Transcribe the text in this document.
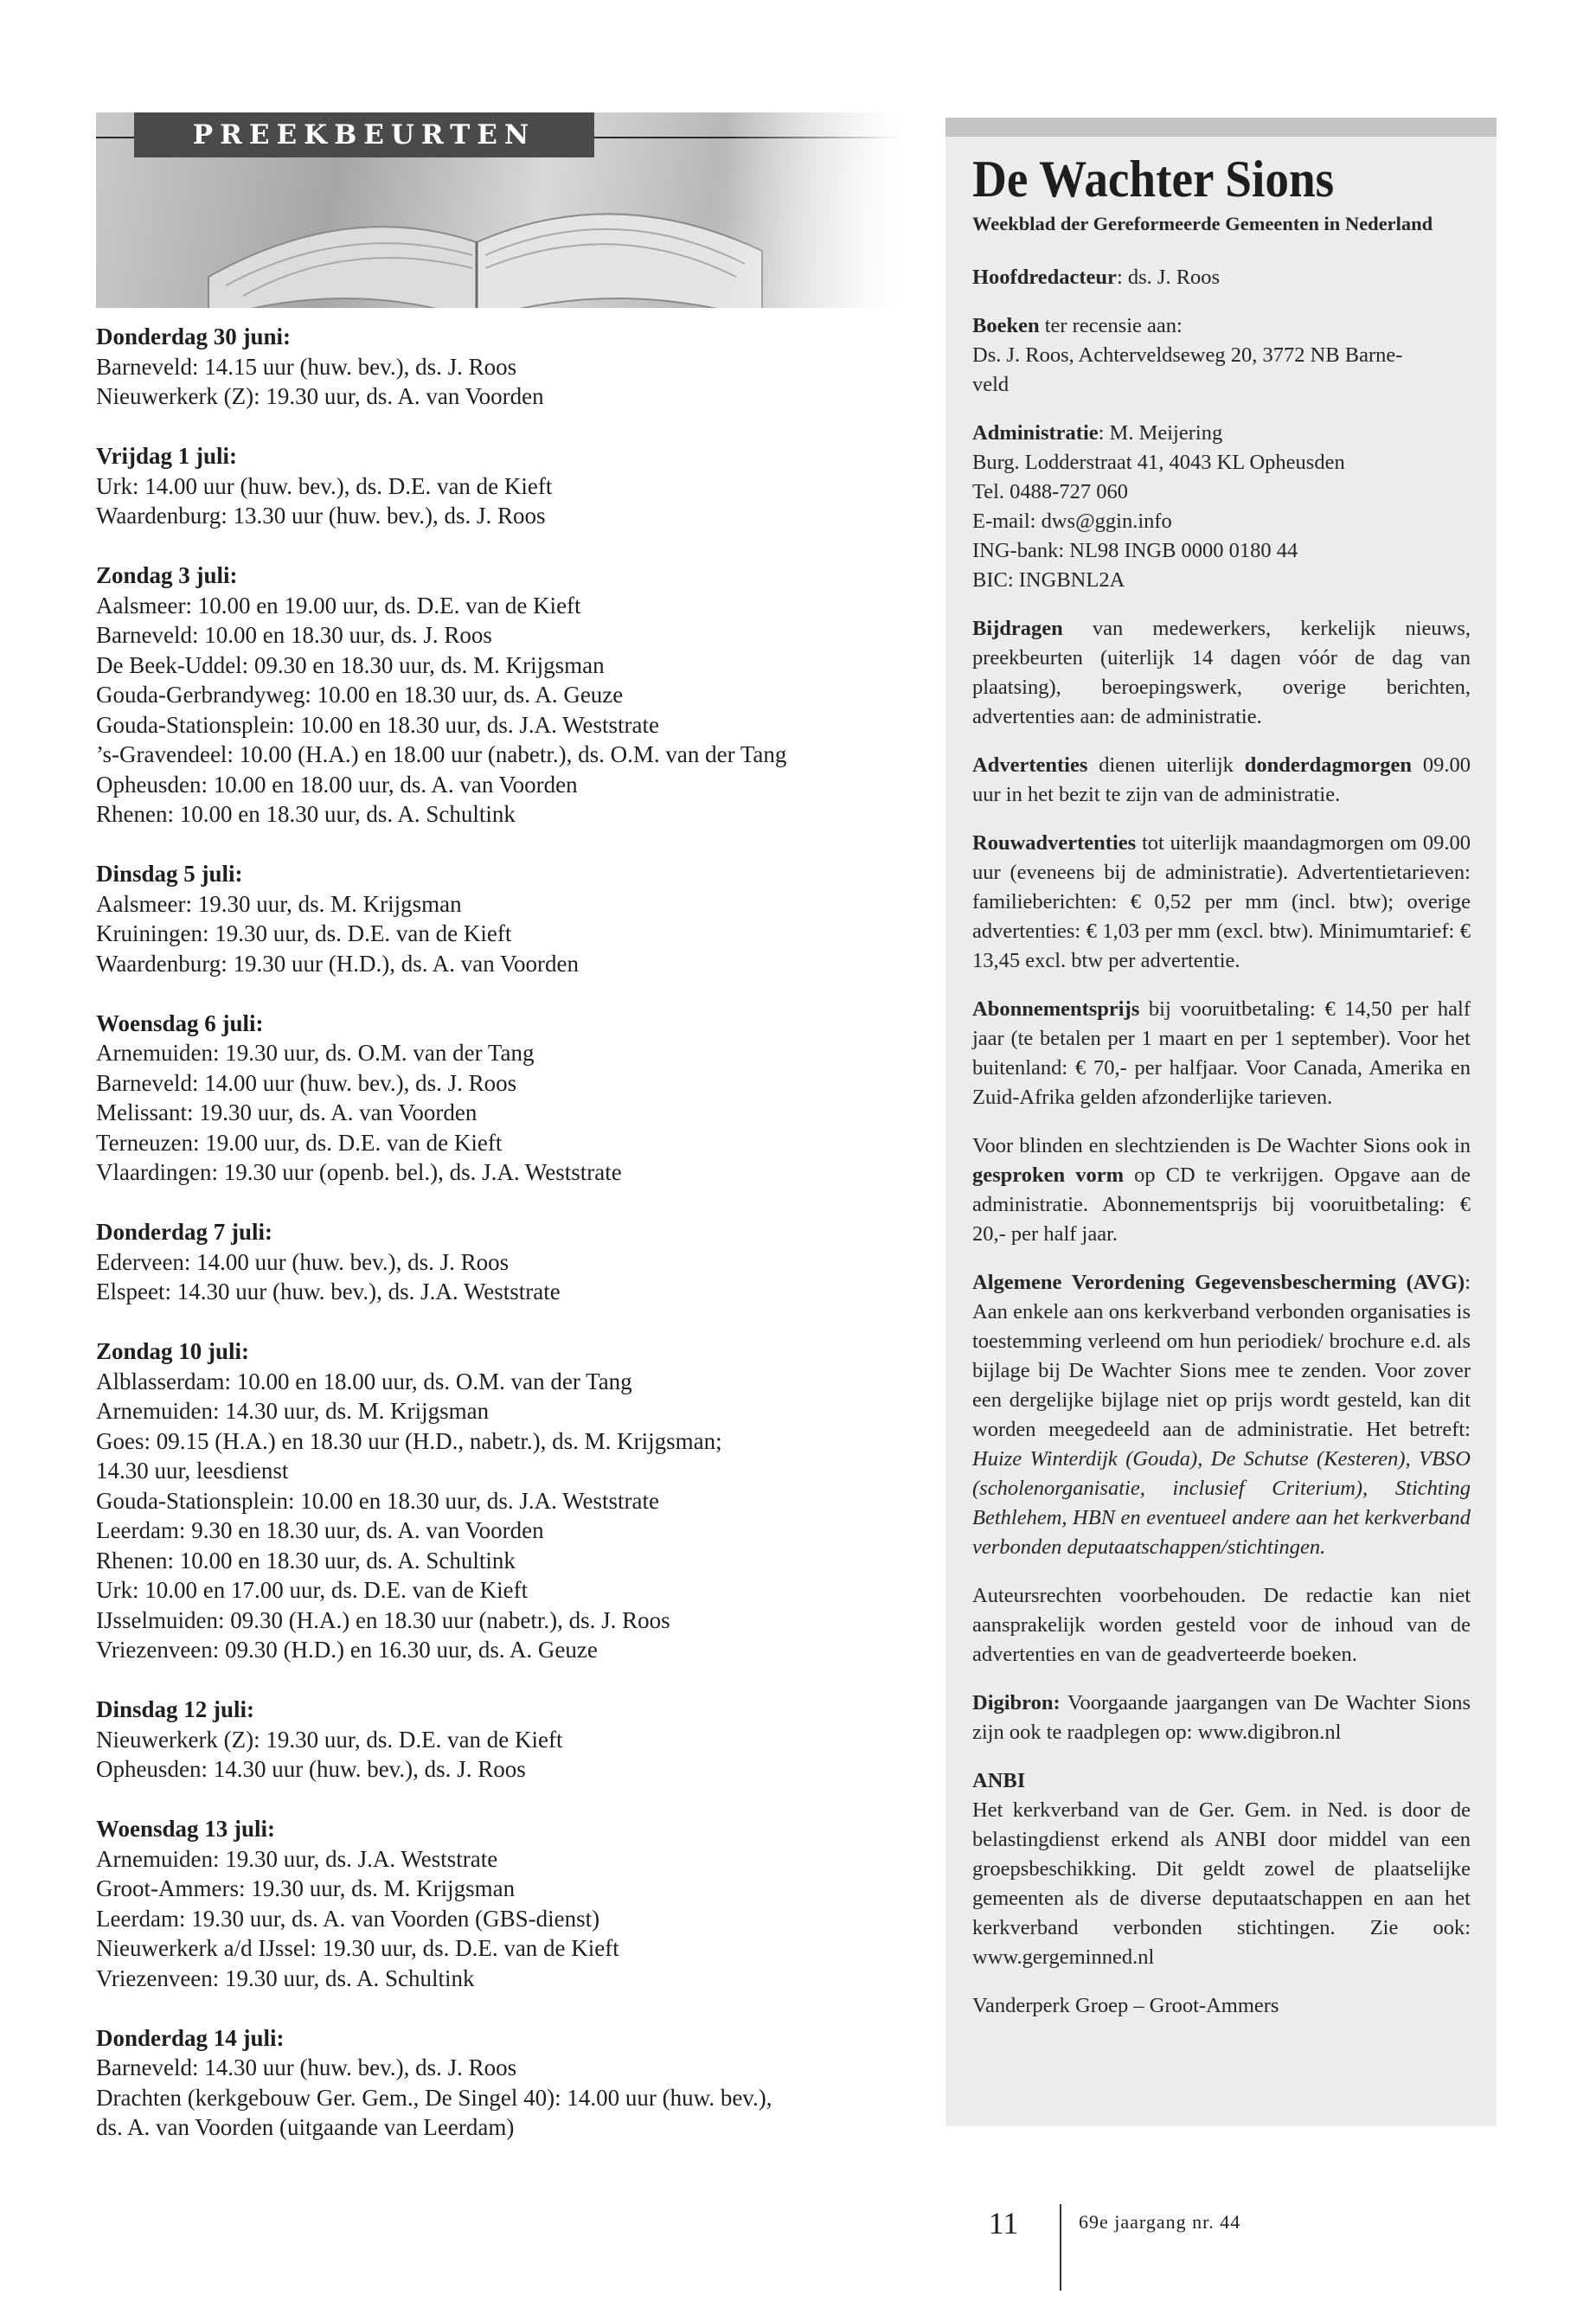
PREEKBEURTEN
Donderdag 30 juni:
Barneveld: 14.15 uur (huw. bev.), ds. J. Roos
Nieuwerkerk (Z): 19.30 uur, ds. A. van Voorden
Vrijdag 1 juli:
Urk: 14.00 uur (huw. bev.), ds. D.E. van de Kieft
Waardenburg: 13.30 uur (huw. bev.), ds. J. Roos
Zondag 3 juli:
Aalsmeer: 10.00 en 19.00 uur, ds. D.E. van de Kieft
Barneveld: 10.00 en 18.30 uur, ds. J. Roos
De Beek-Uddel: 09.30 en 18.30 uur, ds. M. Krijgsman
Gouda-Gerbrandyweg: 10.00 en 18.30 uur, ds. A. Geuze
Gouda-Stationsplein: 10.00 en 18.30 uur, ds. J.A. Weststrate
’s-Gravendeel: 10.00 (H.A.) en 18.00 uur (nabetr.), ds. O.M. van der Tang
Opheusden: 10.00 en 18.00 uur, ds. A. van Voorden
Rhenen: 10.00 en 18.30 uur, ds. A. Schultink
Dinsdag 5 juli:
Aalsmeer: 19.30 uur, ds. M. Krijgsman
Kruiningen: 19.30 uur, ds. D.E. van de Kieft
Waardenburg: 19.30 uur (H.D.), ds. A. van Voorden
Woensdag 6 juli:
Arnemuiden: 19.30 uur, ds. O.M. van der Tang
Barneveld: 14.00 uur (huw. bev.), ds. J. Roos
Melissant: 19.30 uur, ds. A. van Voorden
Terneuzen: 19.00 uur, ds. D.E. van de Kieft
Vlaardingen: 19.30 uur (openb. bel.), ds. J.A. Weststrate
Donderdag 7 juli:
Ederveen: 14.00 uur (huw. bev.), ds. J. Roos
Elspeet: 14.30 uur (huw. bev.), ds. J.A. Weststrate
Zondag 10 juli:
Alblasserdam: 10.00 en 18.00 uur, ds. O.M. van der Tang
Arnemuiden: 14.30 uur, ds. M. Krijgsman
Goes: 09.15 (H.A.) en 18.30 uur (H.D., nabetr.), ds. M. Krijgsman;
14.30 uur, leesdienst
Gouda-Stationsplein: 10.00 en 18.30 uur, ds. J.A. Weststrate
Leerdam: 9.30 en 18.30 uur, ds. A. van Voorden
Rhenen: 10.00 en 18.30 uur, ds. A. Schultink
Urk: 10.00 en 17.00 uur, ds. D.E. van de Kieft
IJsselmuiden: 09.30 (H.A.) en 18.30 uur (nabetr.), ds. J. Roos
Vriezenveen: 09.30 (H.D.) en 16.30 uur, ds. A. Geuze
Dinsdag 12 juli:
Nieuwerkerk (Z): 19.30 uur, ds. D.E. van de Kieft
Opheusden: 14.30 uur (huw. bev.), ds. J. Roos
Woensdag 13 juli:
Arnemuiden: 19.30 uur, ds. J.A. Weststrate
Groot-Ammers: 19.30 uur, ds. M. Krijgsman
Leerdam: 19.30 uur, ds. A. van Voorden (GBS-dienst)
Nieuwerkerk a/d IJssel: 19.30 uur, ds. D.E. van de Kieft
Vriezenveen: 19.30 uur, ds. A. Schultink
Donderdag 14 juli:
Barneveld: 14.30 uur (huw. bev.), ds. J. Roos
Drachten (kerkgebouw Ger. Gem., De Singel 40): 14.00 uur (huw. bev.),
ds. A. van Voorden (uitgaande van Leerdam)
De Wachter Sions
Weekblad der Gereformeerde Gemeenten in Nederland
Hoofdredacteur: ds. J. Roos
Boeken ter recensie aan:
Ds. J. Roos, Achterveldseweg 20, 3772 NB Barne-
veld
Administratie: M. Meijering
Burg. Lodderstraat 41, 4043 KL Opheusden
Tel. 0488-727 060
E-mail: dws@ggin.info
ING-bank: NL98 INGB 0000 0180 44
BIC: INGBNL2A
Bijdragen van medewerkers, kerkelijk nieuws, preekbeurten (uiterlijk 14 dagen vóór de dag van plaatsing), beroepingswerk, overige berichten, advertenties aan: de administratie.
Advertenties dienen uiterlijk donderdagmorgen 09.00 uur in het bezit te zijn van de administratie.
Rouwadvertenties tot uiterlijk maandagmorgen om 09.00 uur (eveneens bij de administratie). Advertentietarieven: familieberichten: € 0,52 per mm (incl. btw); overige advertenties: € 1,03 per mm (excl. btw). Minimumtarief: € 13,45 excl. btw per advertentie.
Abonnementsprijs bij vooruitbetaling: € 14,50 per half jaar (te betalen per 1 maart en per 1 september). Voor het buitenland: € 70,- per halfjaar. Voor Canada, Amerika en Zuid-Afrika gelden afzonderlijke tarieven.
Voor blinden en slechtzienden is De Wachter Sions ook in gesproken vorm op CD te verkrijgen. Opgave aan de administratie. Abonnementsprijs bij vooruitbetaling: € 20,- per half jaar.
Algemene Verordening Gegevensbescherming (AVG): Aan enkele aan ons kerkverband verbonden organisaties is toestemming verleend om hun periodiek/ brochure e.d. als bijlage bij De Wachter Sions mee te zenden. Voor zover een dergelijke bijlage niet op prijs wordt gesteld, kan dit worden meegedeeld aan de administratie. Het betreft: Huize Winterdijk (Gouda), De Schutse (Kesteren), VBSO (scholenorganisatie, inclusief Criterium), Stichting Bethlehem, HBN en eventueel andere aan het kerkverband verbonden deputaatschappen/stichtingen.
Auteursrechten voorbehouden. De redactie kan niet aansprakelijk worden gesteld voor de inhoud van de advertenties en van de geadverteerde boeken.
Digibron: Voorgaande jaargangen van De Wachter Sions zijn ook te raadplegen op: www.digibron.nl
ANBI
Het kerkverband van de Ger. Gem. in Ned. is door de belastingdienst erkend als ANBI door middel van een groepsbeschikking. Dit geldt zowel de plaatselijke gemeenten als de diverse deputaatschappen en aan het kerkverband verbonden stichtingen. Zie ook: www.gergeminned.nl
Vanderperk Groep – Groot-Ammers
11	69e jaargang nr. 44
